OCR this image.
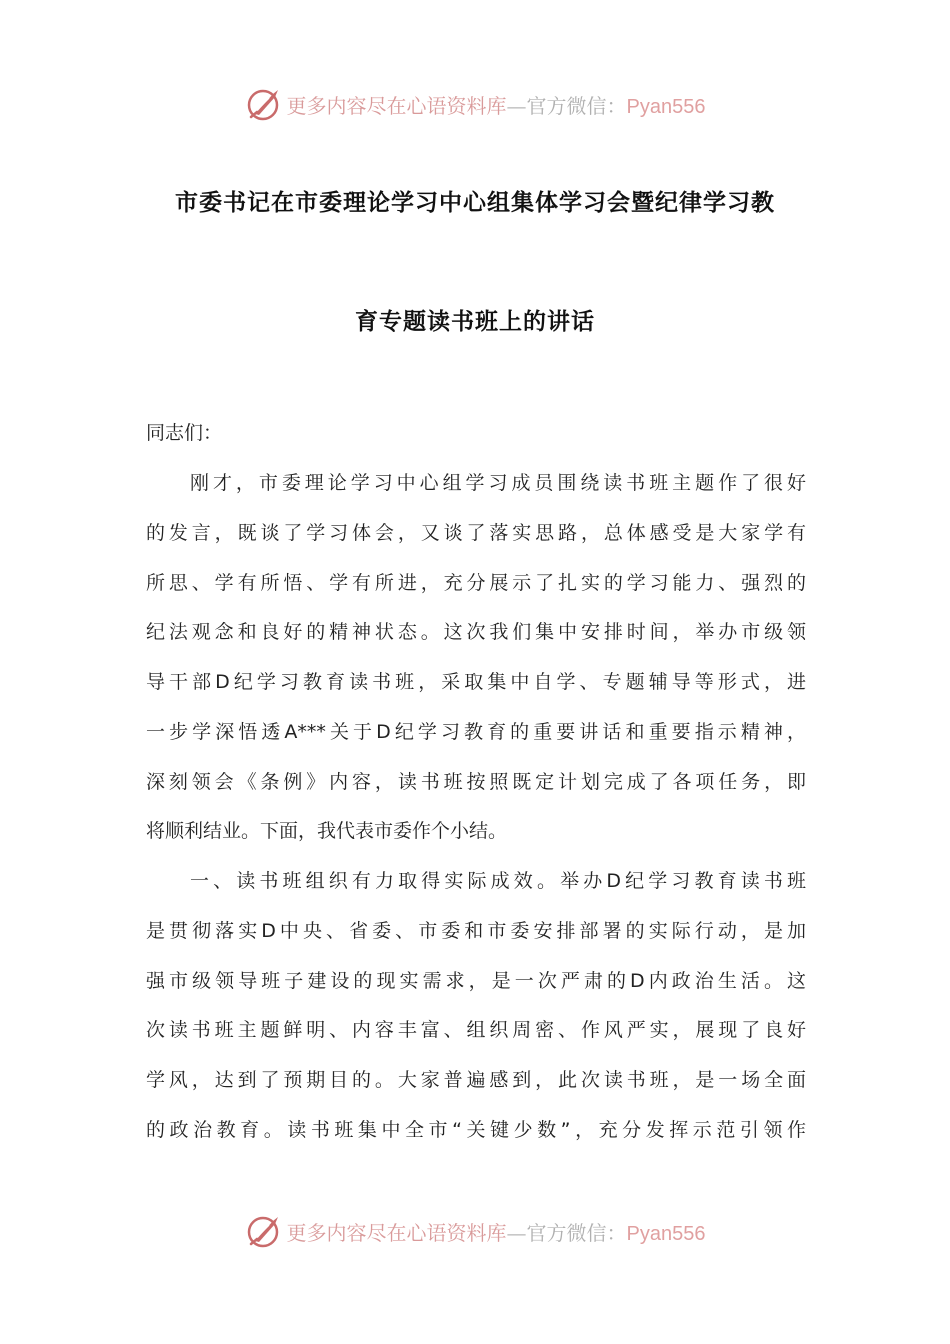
更多内容尽在心语资料库—官方微信：Pyan556
市委书记在市委理论学习中心组集体学习会暨纪律学习教
育专题读书班上的讲话
同志们：
刚才，市委理论学习中心组学习成员围绕读书班主题作了很好
的发言，既谈了学习体会，又谈了落实思路，总体感受是大家学有
所思、学有所悟、学有所进，充分展示了扎实的学习能力、强烈的
纪法观念和良好的精神状态。这次我们集中安排时间，举办市级领
导干部D纪学习教育读书班，采取集中自学、专题辅导等形式，进
一步学深悟透A***关于D纪学习教育的重要讲话和重要指示精神，
深刻领会《条例》内容，读书班按照既定计划完成了各项任务，即
将顺利结业。下面，我代表市委作个小结。
一、读书班组织有力取得实际成效。举办D纪学习教育读书班
是贯彻落实D中央、省委、市委和市委安排部署的实际行动，是加
强市级领导班子建设的现实需求，是一次严肃的D内政治生活。这
次读书班主题鲜明、内容丰富、组织周密、作风严实，展现了良好
学风，达到了预期目的。大家普遍感到，此次读书班，是一场全面
的政治教育。读书班集中全市“关键少数”，充分发挥示范引领作
更多内容尽在心语资料库—官方微信：Pyan556
